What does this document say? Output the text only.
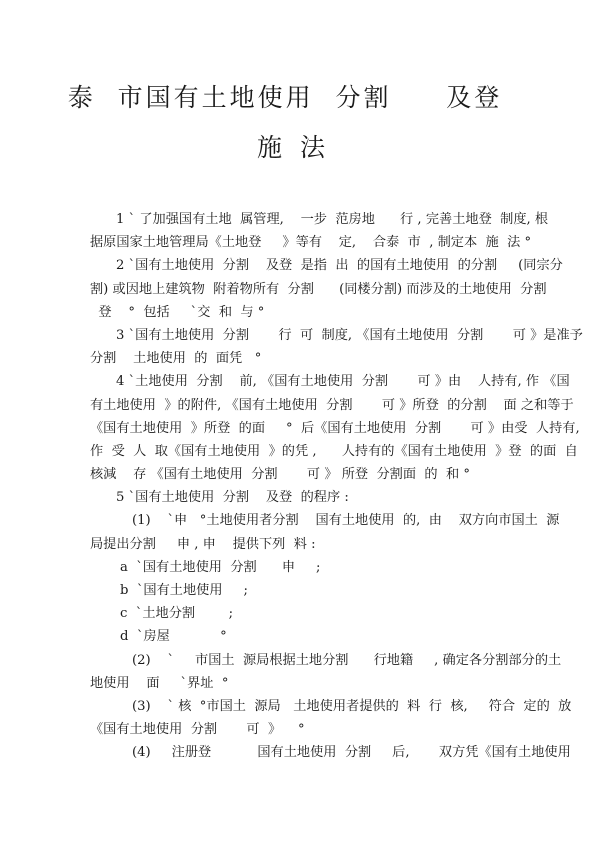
泰  市国有土地使用  分割     及登
施法
1 ` 了加强国有土地  属管理,    一步  范房地      行 , 完善土地登  制度, 根
据原国家土地管理局《土地登     》等有    定,    合泰  市  , 制定本  施  法 °
2 `国有土地使用  分割    及登  是指  出  的国有土地使用  的分割     (同宗分
割) 或因地上建筑物  附着物所有  分割      (同楼分割) 而涉及的土地使用  分割
登    °  包括     `交  和  与 °
3 `国有土地使用  分割       行  可  制度, 《国有土地使用  分割       可 》是准予
分割    土地使用  的  面凭   °
4 `土地使用  分割    前, 《国有土地使用  分割       可 》由    人持有, 作 《国
有土地使用  》的附件, 《国有土地使用  分割       可 》所登  的分割    面 之和等于
《国有土地使用  》所登  的面     °  后《国有土地使用  分割       可 》由受  人持有,
作  受  人  取《国有土地使用  》的凭 ,      人持有的《国有土地使用  》登  的面  自
核減    存 《国有土地使用  分割       可 》 所登  分割面  的  和 °
5 `国有土地使用  分割    及登  的程序 :
(1)    `申   °土地使用者分割    国有土地使用  的,  由    双方向市国土  源
局提出分割     申 , 申    提供下列  料 :
a  `国有土地使用  分割      申     ;
b  `国有土地使用     ;
c  `土地分割        ;
d  `房屋            °
(2)    `     市国土  源局根据土地分割      行地籍     , 确定各分割部分的土
地使用    面     `界址  °
(3)    ` 核  °市国土  源局   土地使用者提供的  料  行  核,     符合  定的  放
《国有土地使用  分割       可  》    °
(4)     注册登           国有土地使用  分割     后,       双方凭《国有土地使用
